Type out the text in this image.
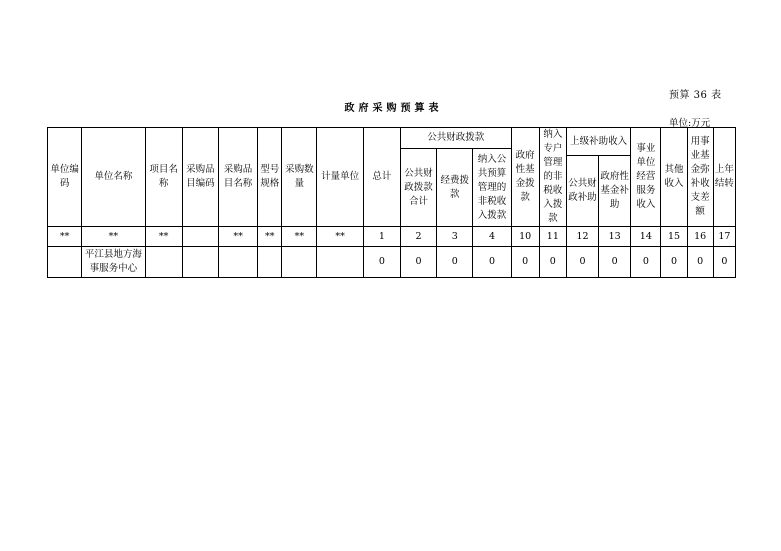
预算 36 表
政府采购预算表
单位:万元
单位编码	单位名称	项目名称	采购品目编码	采购品目名称	型号规格	采购数量	计量单位	总计	公共财政拨款			政府性基金拨款	纳入专户管理的非税收入拨款	上级补助收入		事业单位经营服务收入	其他收入	用事业基金弥补收支差额	上年结转
									公共财政拨款合计	经费拨款	纳入公共预算管理的非税收入拨款								
														公共财政补助	政府性基金补助				
**	**	**		**	**	**	**	1	2	3	4	10	11	12	13	14	15	16	17
	平江县地方海事服务中心							0	0	0	0	0	0	0	0	0	0	0	0
